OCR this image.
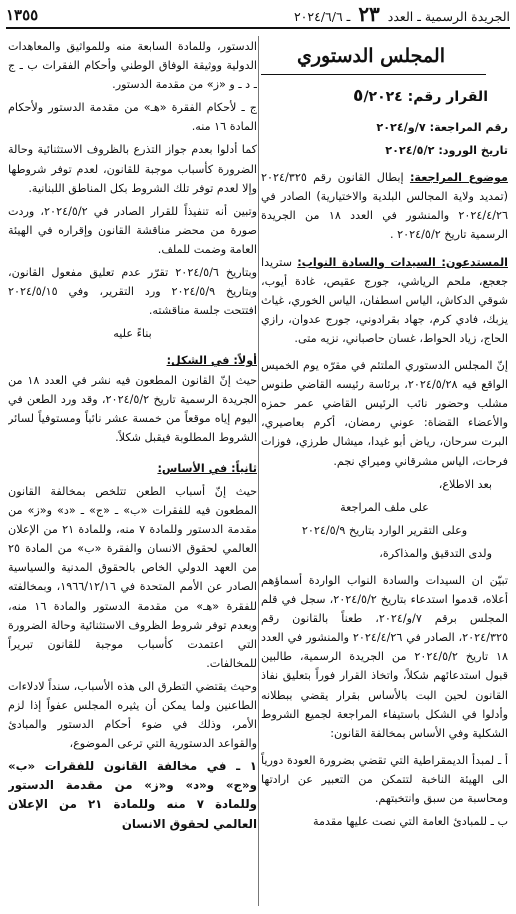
الجريدة الرسمية ـ العدد ٢٣ ـ ٢٠٢٤/٦/٦
١٣٥٥
المجلس الدستوري
القرار رقم: ٥/٢٠٢٤

رقم المراجعة: ٧/و/٢٠٢٤

تاريخ الورود: ٢٠٢٤/٥/٢

موضوع المراجعة: إبطال القانون رقم ٢٠٢٤/٣٢٥ (تمديد ولاية المجالس البلدية والاختيارية) الصادر في ٢٠٢٤/٤/٢٦ والمنشور في العدد ١٨ من الجريدة الرسمية تاريخ ٢٠٢٤/٥/٢ .

المستدعون: السيدات والسادة النواب: ستريدا جعجع، ملحم الرياشي، جورج عقيص، غادة أيوب، شوقي الدكاش، الياس اسطفان، الياس الخوري، غياث يزبك، فادي كرم، جهاد بقرادوني، جورج عدوان، رازي الحاج، زياد الحواط، غسان حاصباني، نزيه متى.

إنّ المجلس الدستوري الملتئم في مقرّه يوم الخميس الواقع فيه ٢٠٢٤/٥/٢٨، برئاسة رئيسه القاضي طنوس مشلب وحضور نائب الرئيس القاضي عمر حمزه والأعضاء القضاة: عوني رمضان، أكرم بعاصيري، البرت سرحان، رياض أبو غيدا، ميشال طرزي، فوزات فرحات، الياس مشرقاني وميراي نجم.

بعد الاطلاع،

على ملف المراجعة

وعلى التقرير الوارد بتاريخ ٢٠٢٤/٥/٩

ولدى التدقيق والمذاكرة،

تبيّن ان السيدات والسادة النواب الواردة أسماؤهم أعلاه، قدموا استدعاء بتاريخ ٢٠٢٤/٥/٢، سجل في قلم المجلس برقم ٧/و/٢٠٢٤، طعناً بالقانون رقم ٢٠٢٤/٣٢٥، الصادر في ٢٠٢٤/٤/٢٦ والمنشور في العدد ١٨ تاريخ ٢٠٢٤/٥/٢ من الجريدة الرسمية، طالبين قبول استدعائهم شكلاً، واتخاذ القرار فوراً بتعليق نفاذ القانون لحين البت بالأساس بقرار يقضي ببطلانه وأدلوا في الشكل باستيفاء المراجعة لجميع الشروط الشكلية وفي الأساس بمخالفة القانون:

أ ـ لمبدأ الديمقراطية التي تقضي بضرورة العودة دورياً الى الهيئة الناخبة لتتمكن من التعبير عن ارادتها ومحاسبة من سبق وانتخبتهم.

ب ـ للمبادئ العامة التي نصت عليها مقدمة

الدستور، وللمادة السابعة منه وللمواثيق والمعاهدات الدولية ووثيقة الوفاق الوطني وأحكام الفقرات ب ـ ج ـ د ـ و «ز» من مقدمة الدستور.

ج ـ لأحكام الفقرة «هـ» من مقدمة الدستور ولأحكام المادة ١٦ منه.

كما أدلوا بعدم جواز التذرع بالظروف الاستثنائية وحالة الضرورة كأسباب موجبة للقانون، لعدم توفر شروطها وإلا لعدم توفر تلك الشروط بكل المناطق اللبنانية.

وتبين أنه تنفيذاً للقرار الصادر في ٢٠٢٤/٥/٢، وردت صورة من محضر مناقشة القانون وإقراره في الهيئة العامة وضمت للملف.

وبتاريخ ٢٠٢٤/٥/٦ تقرّر عدم تعليق مفعول القانون، وبتاريخ ٢٠٢٤/٥/٩ ورد التقرير، وفي ٢٠٢٤/٥/١٥ افتتحت جلسة مناقشته.

بناءً عليه

أولاً: في الشكل:

حيث إنّ القانون المطعون فيه نشر في العدد ١٨ من الجريدة الرسمية تاريخ ٢٠٢٤/٥/٢، وقد ورد الطعن في اليوم إياه موقعاً من خمسة عشر نائباً ومستوفياً لسائر الشروط المطلوبة فيقبل شكلاً.

ثانياً: في الأساس:

حيث إنّ أسباب الطعن تتلخص بمخالفة القانون المطعون فيه للفقرات «ب» ـ «ج» ـ «د» و«ز» من مقدمة الدستور وللمادة ٧ منه، وللمادة ٢١ من الإعلان العالمي لحقوق الانسان والفقرة «ب» من المادة ٢٥ من العهد الدولي الخاص بالحقوق المدنية والسياسية الصادر عن الأمم المتحدة في ١٩٦٦/١٢/١٦، وبمخالفته للفقرة «هـ» من مقدمة الدستور والمادة ١٦ منه، وبعدم توفر شروط الظروف الاستثنائية وحالة الضرورة التي اعتمدت كأسباب موجبة للقانون تبريراً للمخالفات.

وحيث يقتضي التطرق الى هذه الأسباب، سنداً لادلاءات الطاعنين ولما يمكن أن يثيره المجلس عفواً إذا لزم الأمر، وذلك في ضوء أحكام الدستور والمبادئ والقواعد الدستورية التي ترعى الموضوع،

١ ـ في مخالفة القانون للفقرات «ب» و«ج» و«د» و«ز» من مقدمة الدستور وللمادة ٧ منه وللمادة ٢١ من الإعلان العالمي لحقوق الانسان
